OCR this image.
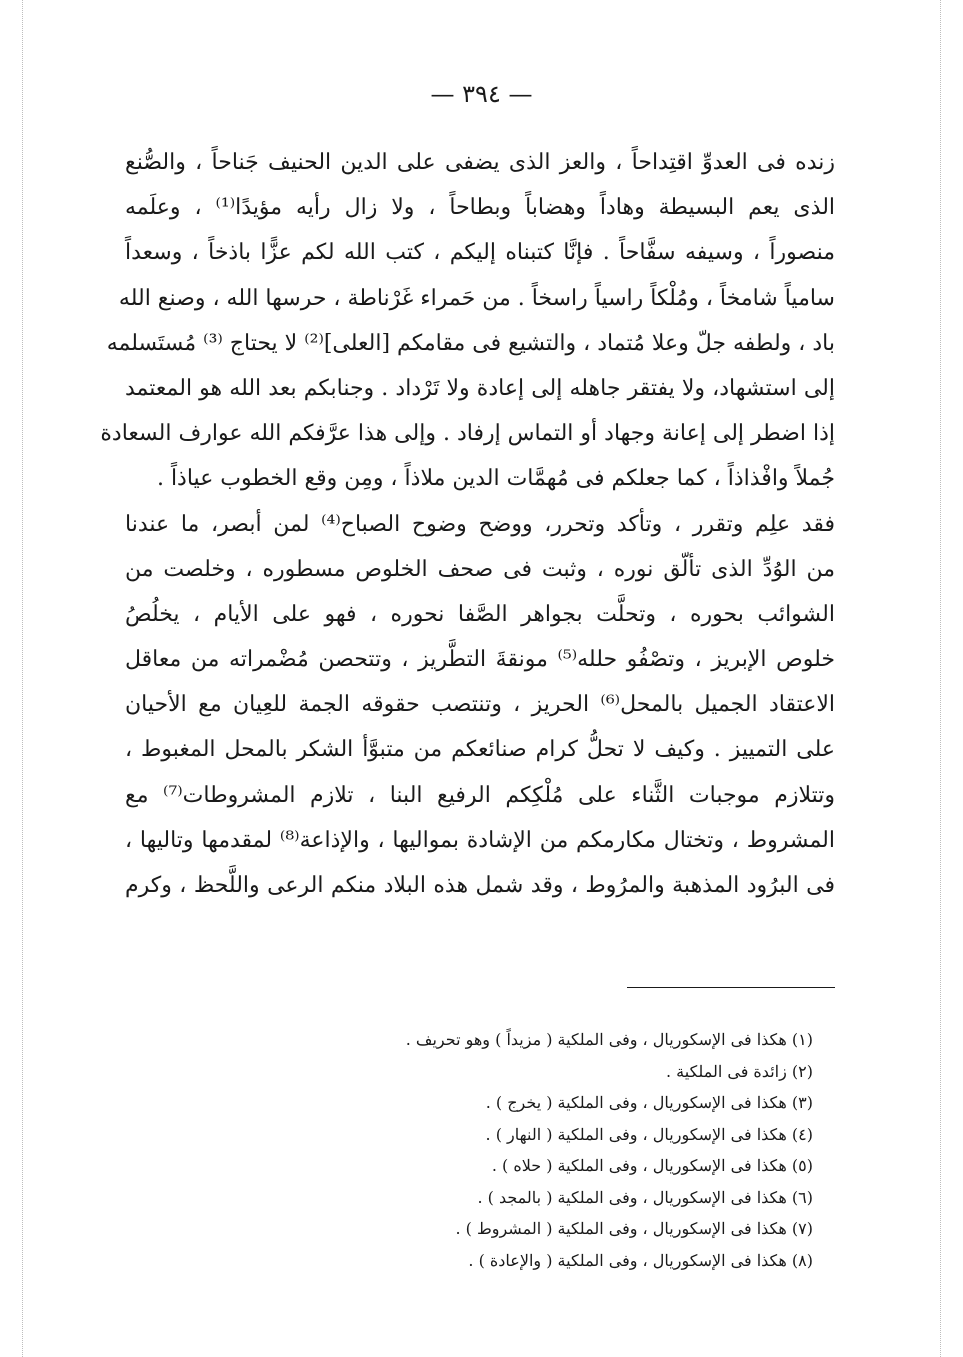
— ٣٩٤ —
زنده فى العدوِّ اقتِداحاً ، والعز الذى يضفى على الدين الحنيف جَناحاً ، والصُّنع
الذى يعم البسيطة وهاداً وهضاباً وبطاحاً ، ولا زال رأيه مؤيدًا⁽¹⁾ ، وعلَمه
منصوراً ، وسيفه سفَّاحاً . فإنَّا كتبناه إليكم ، كتب الله لكم عزًّا باذخاً ، وسعداً
سامياً شامخاً ، ومُلْكاً راسياً راسخاً . من حَمراء غَرْناطة ، حرسها الله ، وصنع الله
باد ، ولطفه جلّ وعلا مُتماد ، والتشيع فى مقامكم [العلى]⁽²⁾ لا يحتاج ⁽³⁾ مُستَسلمه
إلى استشهاد، ولا يفتقر جاهله إلى إعادة ولا تَرْداد . وجنابكم بعد الله هو المعتمد
إذا اضطر إلى إعانة وجهاد أو التماس إرفاد . وإلى هذا عرَّفكم الله عوارف السعادة
جُملاً وافْذاذاً ، كما جعلكم فى مُهمَّات الدين ملاذاً ، ومِن وقع الخطوب عياذاً .
فقد علِم وتقرر ، وتأكد وتحرر، ووضح وضوح الصباح⁽⁴⁾ لمن أبصر، ما عندنا
من الوُدِّ الذى تألّق نوره ، وثبت فى صحف الخلوص مسطوره ، وخلصت من
الشوائب بحوره ، وتحلَّت بجواهر الصَّفا نحوره ، فهو على الأيام ، يخلُصُ
خلوص الإبريز ، وتصْفُو حلله⁽⁵⁾ مونقةَ التطَّريز ، وتتحصن مُضْمراته من معاقل
الاعتقاد الجميل بالمحل⁽⁶⁾ الحريز ، وتنتصب حقوقه الجمة للعِيان مع الأحيان
على التمييز . وكيف لا تحلُّ كرام صنائعكم من متبوَّأ الشكر بالمحل المغبوط ،
وتتلازم موجبات الثَّناء على مُلْكِكم الرفيع البنا ، تلازم المشروطات⁽⁷⁾ مع
المشروط ، وتختال مكارمكم من الإشادة بمواليها ، والإذاعة⁽⁸⁾ لمقدمها وتاليها ،
فى البرُود المذهبة والمرُوط ، وقد شمل هذه البلاد منكم الرعى واللَّحظ ، وكرم
(١) هكذا فى الإسكوريال ، وفى الملكية ( مزيداً ) وهو تحريف .
(٢) زائدة فى الملكية .
(٣) هكذا فى الإسكوريال ، وفى الملكية ( يخرج ) .
(٤) هكذا فى الإسكوريال ، وفى الملكية ( النهار ) .
(٥) هكذا فى الإسكوريال ، وفى الملكية ( حلاه ) .
(٦) هكذا فى الإسكوريال ، وفى الملكية ( بالمجد ) .
(٧) هكذا فى الإسكوريال ، وفى الملكية ( المشروط ) .
(٨) هكذا فى الإسكوريال ، وفى الملكية ( والإعادة ) .
